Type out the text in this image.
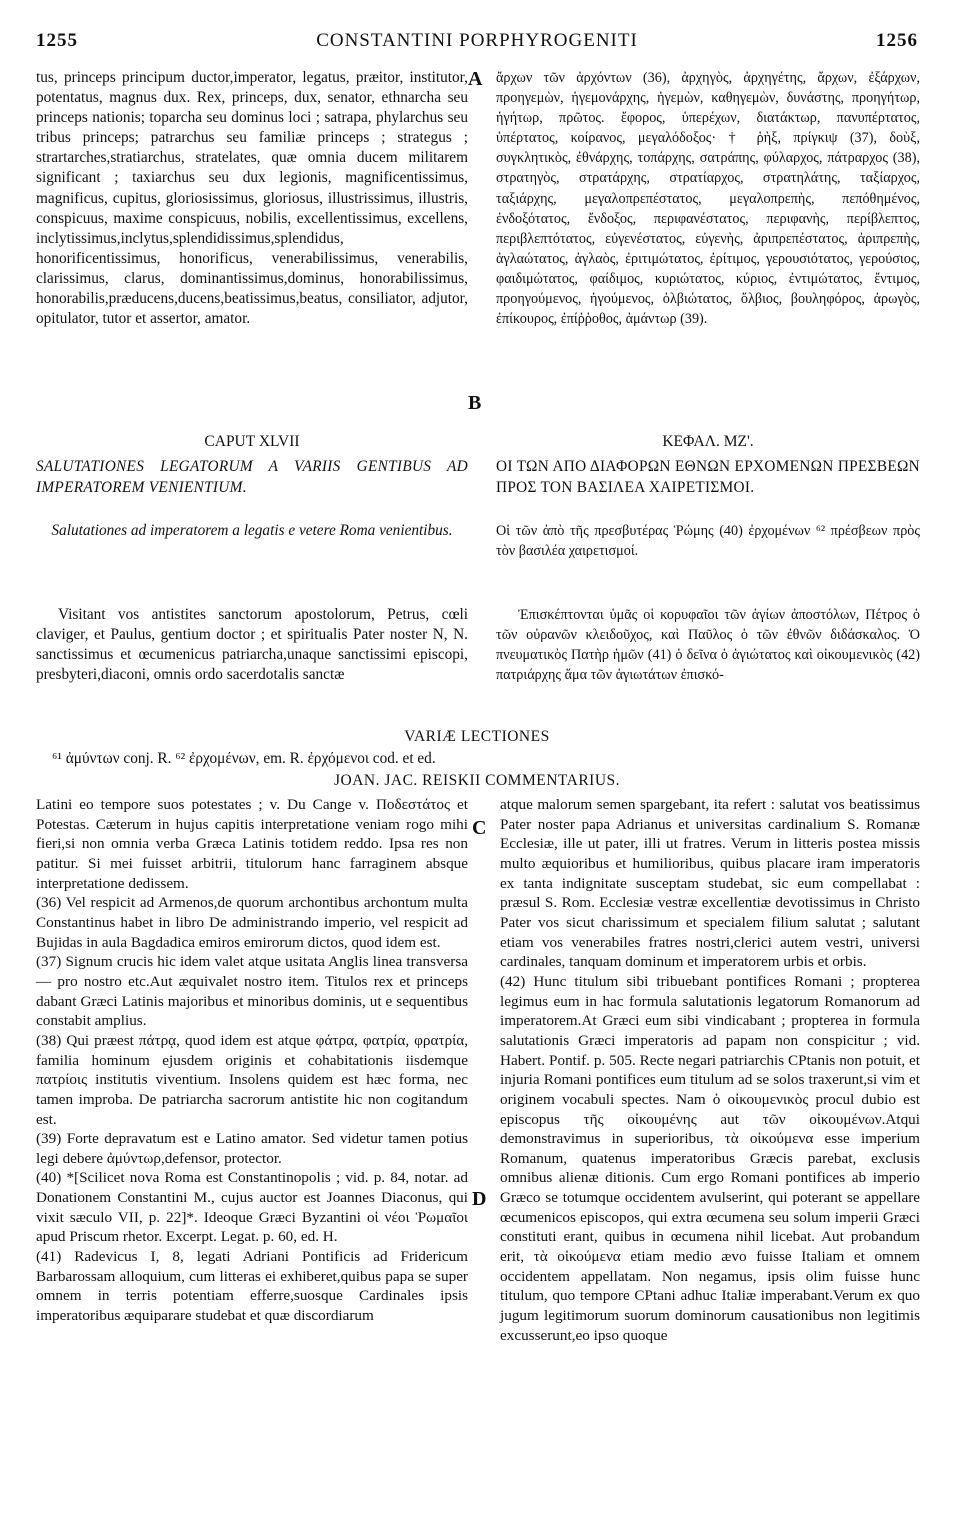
1255	CONSTANTINI PORPHYROGENITI	1256
A
B
C
D

tus, princeps principum ductor,imperator, legatus, præitor, institutor, potentatus, magnus dux. Rex, princeps, dux, senator, ethnarcha seu princeps nationis; toparcha seu dominus loci ; satrapa, phylarchus seu tribus princeps; patrarchus seu familiæ princeps ; strategus ; strartarches,stratiarchus, stratelates, quæ omnia ducem militarem significant ; taxiarchus seu dux legionis, magnificentissimus, magnificus, cupitus, gloriosissimus, gloriosus, illustrissimus, illustris, conspicuus, maxime conspicuus, nobilis, excellentissimus, excellens, inclytissimus,inclytus,splendidissimus,splendidus, honorificentissimus, honorificus, venerabilissimus, venerabilis, clarissimus, clarus, dominantissimus,dominus, honorabilissimus, honorabilis,præducens,ducens,beatissimus,beatus, consiliator, adjutor, opitulator, tutor et assertor, amator.

ἄρχων τῶν ἀρχόντων (36), ἀρχηγὸς, ἀρχηγέτης, ἄρχων, ἐξάρχων, προηγεμὼν, ἡγεμονάρχης, ἡγεμὼν, καθηγεμὼν, δυνάστης, προηγήτωρ, ἡγήτωρ, πρῶτος. ἔφορος, ὑπερέχων, διατάκτωρ, πανυπέρτατος, ὑπέρτατος, κοίρανος, μεγαλόδοξος· † ῥὴξ, πρίγκιψ (37), δοὺξ, συγκλητικὸς, ἐθνάρχης, τοπάρχης, σατράπης, φύλαρχος, πάτραρχος (38), στρατηγὸς, στρατάρχης, στρατίαρχος, στρατηλάτης, ταξίαρχος, ταξιάρχης, μεγαλοπρεπέστατος, μεγαλοπρεπὴς, πεπόθημένος, ἐνδοξότατος, ἔνδοξος, περιφανέστατος, περιφανὴς, περίβλεπτος, περιβλεπτότατος, εὐγενέστατος, εὐγενὴς, ἀριπρεπέστατος, ἀριπρεπὴς, ἀγλαώτατος, ἀγλαὸς, ἐριτιμώτατος, ἐρίτιμος, γερουσιότατος, γερούσιος, φαιδιμώτατος, φαίδιμος, κυριώτατος, κύριος, ἐντιμώτατος, ἔντιμος, προηγούμενος, ἡγούμενος, ὀλβιώτατος, ὄλβιος, βουληφόρος, ἀρωγὸς, ἐπίκουρος, ἐπίῤῥοθος, ἀμάντωρ (39).

CAPUT XLVII	ΚΕΦΑΛ. ΜΖ'.
SALUTATIONES LEGATORUM A VARIIS GENTIBUS AD IMPERATOREM VENIENTIUM.
ΟΙ ΤΩΝ ΑΠΟ ΔΙΑΦΟΡΩΝ ΕΘΝΩΝ ΕΡΧΟΜΕΝΩΝ ΠΡΕΣΒΕΩΝ ΠΡΟΣ ΤΟΝ ΒΑΣΙΛΕΑ ΧΑΙΡΕΤΙΣΜΟΙ.
Salutationes ad imperatorem a legatis e vetere Roma venientibus.	Οἱ τῶν ἀπὸ τῆς πρεσβυτέρας Ῥώμης (40) ἐρχομένων ⁶² πρέσβεων πρὸς τὸν βασιλέα χαιρετισμοί.

Visitant vos antistites sanctorum apostolorum, Petrus, cœli claviger, et Paulus, gentium doctor ; et spiritualis Pater noster N, N. sanctissimus et œcumenicus patriarcha,unaque sanctissimi episcopi, presbyteri,diaconi, omnis ordo sacerdotalis sanctæ

Ἐπισκέπτονται ὑμᾶς οἱ κορυφαῖοι τῶν ἁγίων ἀποστόλων, Πέτρος ὁ τῶν οὐρανῶν κλειδοῦχος, καὶ Παῦλος ὁ τῶν ἐθνῶν διδάσκαλος. Ὁ πνευματικὸς Πατὴρ ἡμῶν (41) ὁ δεῖνα ὁ ἁγιώτατος καὶ οἰκουμενικὸς (42) πατριάρχης ἅμα τῶν ἁγιωτάτων ἐπισκό-

VARIÆ LECTIONES
⁶¹ ἀμύντων conj. R. ⁶² ἐρχομένων, em. R. ἐρχόμενοι cod. et ed.
JOAN. JAC. REISKII COMMENTARIUS.

Latini eo tempore suos potestates ; v. Du Cange v. Ποδεστάτος et Potestas. Cæterum in hujus capitis interpretatione veniam rogo mihi fieri,si non omnia verba Græca Latinis totidem reddo. Ipsa res non patitur. Si mei fuisset arbitrii, titulorum hanc farraginem absque interpretatione dedissem.

(36) Vel respicit ad Armenos,de quorum archontibus archontum multa Constantinus habet in libro De administrando imperio, vel respicit ad Bujidas in aula Bagdadica emiros emirorum dictos, quod idem est.

(37) Signum crucis hic idem valet atque usitata Anglis linea transversa — pro nostro etc.Aut æquivalet nostro item. Titulos rex et princeps dabant Græci Latinis majoribus et minoribus dominis, ut e sequentibus constabit amplius.

(38) Qui præest πάτρᾳ, quod idem est atque φάτρα, φατρία, φρατρία, familia hominum ejusdem originis et cohabitationis iisdemque πατρίοις institutis viventium. Insolens quidem est hæc forma, nec tamen improba. De patriarcha sacrorum antistite hic non cogitandum est.

(39) Forte depravatum est e Latino amator. Sed videtur tamen potius legi debere ἀμύντωρ,defensor, protector.

(40) *[Scilicet nova Roma est Constantinopolis ; vid. p. 84, notar. ad Donationem Constantini M., cujus auctor est Joannes Diaconus, qui vixit sæculo VII, p. 22]*. Ideoque Græci Byzantini οἱ νέοι Ῥωμαῖοι apud Priscum rhetor. Excerpt. Legat. p. 60, ed. H.

(41) Radevicus I, 8, legati Adriani Pontificis ad Fridericum Barbarossam alloquium, cum litteras ei exhiberet,quibus papa se super omnem in terris potentiam efferre,suosque Cardinales ipsis imperatoribus æquiparare studebat et quæ discordiarum

atque malorum semen spargebant, ita refert : salutat vos beatissimus Pater noster papa Adrianus et universitas cardinalium S. Romanæ Ecclesiæ, ille ut pater, illi ut fratres. Verum in litteris postea missis multo æquioribus et humilioribus, quibus placare iram imperatoris ex tanta indignitate susceptam studebat, sic eum compellabat : præsul S. Rom. Ecclesiæ vestræ excellentiæ devotissimus in Christo Pater vos sicut charissimum et specialem filium salutat ; salutant etiam vos venerabiles fratres nostri,clerici autem vestri, universi cardinales, tanquam dominum et imperatorem urbis et orbis.

(42) Hunc titulum sibi tribuebant pontifices Romani ; propterea legimus eum in hac formula salutationis legatorum Romanorum ad imperatorem.At Græci eum sibi vindicabant ; propterea in formula salutationis Græci imperatoris ad papam non conspicitur ; vid. Habert. Pontif. p. 505. Recte negari patriarchis CPtanis non potuit, et injuria Romani pontifices eum titulum ad se solos traxerunt,si vim et originem vocabuli spectes. Nam ὁ οἰκουμενικὸς procul dubio est episcopus τῆς οἰκουμένης aut τῶν οἰκουμένων.Atqui demonstravimus in superioribus, τὰ οἰκούμενα esse imperium Romanum, quatenus imperatoribus Græcis parebat, exclusis omnibus alienæ ditionis. Cum ergo Romani pontifices ab imperio Græco se totumque occidentem avulserint, qui poterant se appellare œcumenicos episcopos, qui extra œcumena seu solum imperii Græci constituti erant, quibus in œcumena nihil licebat. Aut probandum erit, τὰ οἰκούμενα etiam medio ævo fuisse Italiam et omnem occidentem appellatam. Non negamus, ipsis olim fuisse hunc titulum, quo tempore CPtani adhuc Italiæ imperabant.Verum ex quo jugum legitimorum suorum dominorum causationibus non legitimis excusserunt,eo ipso quoque
